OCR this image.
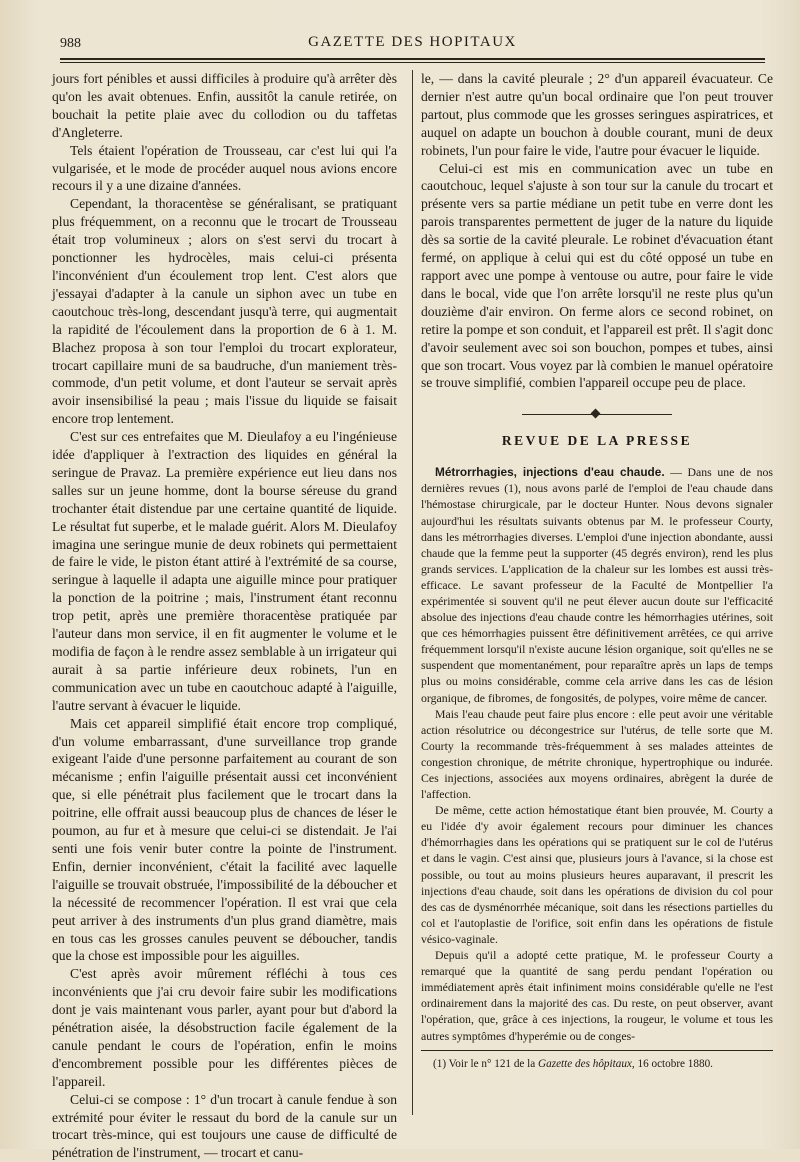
988	GAZETTE DES HOPITAUX

jours fort pénibles et aussi difficiles à produire qu'à arrêter dès qu'on les avait obtenues. Enfin, aussitôt la canule retirée, on bouchait la petite plaie avec du collodion ou du taffetas d'Angleterre.

Tels étaient l'opération de Trousseau, car c'est lui qui l'a vulgarisée, et le mode de procéder auquel nous avions encore recours il y a une dizaine d'années.

Cependant, la thoracentèse se généralisant, se pratiquant plus fréquemment, on a reconnu que le trocart de Trousseau était trop volumineux ; alors on s'est servi du trocart à ponctionner les hydrocèles, mais celui-ci présenta l'inconvénient d'un écoulement trop lent. C'est alors que j'essayai d'adapter à la canule un siphon avec un tube en caoutchouc très-long, descendant jusqu'à terre, qui augmentait la rapidité de l'écoulement dans la proportion de 6 à 1. M. Blachez proposa à son tour l'emploi du trocart explorateur, trocart capillaire muni de sa baudruche, d'un maniement très-commode, d'un petit volume, et dont l'auteur se servait après avoir insensibilisé la peau ; mais l'issue du liquide se faisait encore trop lentement.

C'est sur ces entrefaites que M. Dieulafoy a eu l'ingénieuse idée d'appliquer à l'extraction des liquides en général la seringue de Pravaz. La première expérience eut lieu dans nos salles sur un jeune homme, dont la bourse séreuse du grand trochanter était distendue par une certaine quantité de liquide. Le résultat fut superbe, et le malade guérit. Alors M. Dieulafoy imagina une seringue munie de deux robinets qui permettaient de faire le vide, le piston étant attiré à l'extrémité de sa course, seringue à laquelle il adapta une aiguille mince pour pratiquer la ponction de la poitrine ; mais, l'instrument étant reconnu trop petit, après une première thoracentèse pratiquée par l'auteur dans mon service, il en fit augmenter le volume et le modifia de façon à le rendre assez semblable à un irrigateur qui aurait à sa partie inférieure deux robinets, l'un en communication avec un tube en caoutchouc adapté à l'aiguille, l'autre servant à évacuer le liquide.

Mais cet appareil simplifié était encore trop compliqué, d'un volume embarrassant, d'une surveillance trop grande exigeant l'aide d'une personne parfaitement au courant de son mécanisme ; enfin l'aiguille présentait aussi cet inconvénient que, si elle pénétrait plus facilement que le trocart dans la poitrine, elle offrait aussi beaucoup plus de chances de léser le poumon, au fur et à mesure que celui-ci se distendait. Je l'ai senti une fois venir buter contre la pointe de l'instrument. Enfin, dernier inconvénient, c'était la facilité avec laquelle l'aiguille se trouvait obstruée, l'impossibilité de la déboucher et la nécessité de recommencer l'opération. Il est vrai que cela peut arriver à des instruments d'un plus grand diamètre, mais en tous cas les grosses canules peuvent se déboucher, tandis que la chose est impossible pour les aiguilles.

C'est après avoir mûrement réfléchi à tous ces inconvénients que j'ai cru devoir faire subir les modifications dont je vais maintenant vous parler, ayant pour but d'abord la pénétration aisée, la désobstruction facile également de la canule pendant le cours de l'opération, enfin le moins d'encombrement possible pour les différentes pièces de l'appareil.

Celui-ci se compose : 1° d'un trocart à canule fendue à son extrémité pour éviter le ressaut du bord de la canule sur un trocart très-mince, qui est toujours une cause de difficulté de pénétration de l'instrument, — trocart et canu-

le, — dans la cavité pleurale ; 2° d'un appareil évacuateur. Ce dernier n'est autre qu'un bocal ordinaire que l'on peut trouver partout, plus commode que les grosses seringues aspiratrices, et auquel on adapte un bouchon à double courant, muni de deux robinets, l'un pour faire le vide, l'autre pour évacuer le liquide.

Celui-ci est mis en communication avec un tube en caoutchouc, lequel s'ajuste à son tour sur la canule du trocart et présente vers sa partie médiane un petit tube en verre dont les parois transparentes permettent de juger de la nature du liquide dès sa sortie de la cavité pleurale. Le robinet d'évacuation étant fermé, on applique à celui qui est du côté opposé un tube en rapport avec une pompe à ventouse ou autre, pour faire le vide dans le bocal, vide que l'on arrête lorsqu'il ne reste plus qu'un douzième d'air environ. On ferme alors ce second robinet, on retire la pompe et son conduit, et l'appareil est prêt. Il s'agit donc d'avoir seulement avec soi son bouchon, pompes et tubes, ainsi que son trocart. Vous voyez par là combien le manuel opératoire se trouve simplifié, combien l'appareil occupe peu de place.

REVUE DE LA PRESSE

Métrorrhagies, injections d'eau chaude. — Dans une de nos dernières revues (1), nous avons parlé de l'emploi de l'eau chaude dans l'hémostase chirurgicale, par le docteur Hunter. Nous devons signaler aujourd'hui les résultats suivants obtenus par M. le professeur Courty, dans les métrorrhagies diverses. L'emploi d'une injection abondante, aussi chaude que la femme peut la supporter (45 degrés environ), rend les plus grands services. L'application de la chaleur sur les lombes est aussi très-efficace. Le savant professeur de la Faculté de Montpellier l'a expérimentée si souvent qu'il ne peut élever aucun doute sur l'efficacité absolue des injections d'eau chaude contre les hémorrhagies utérines, soit que ces hémorrhagies puissent être définitivement arrêtées, ce qui arrive fréquemment lorsqu'il n'existe aucune lésion organique, soit qu'elles ne se suspendent que momentanément, pour reparaître après un laps de temps plus ou moins considérable, comme cela arrive dans les cas de lésion organique, de fibromes, de fongosités, de polypes, voire même de cancer.

Mais l'eau chaude peut faire plus encore : elle peut avoir une véritable action résolutrice ou décongestrice sur l'utérus, de telle sorte que M. Courty la recommande très-fréquemment à ses malades atteintes de congestion chronique, de métrite chronique, hypertrophique ou indurée. Ces injections, associées aux moyens ordinaires, abrègent la durée de l'affection.

De même, cette action hémostatique étant bien prouvée, M. Courty a eu l'idée d'y avoir également recours pour diminuer les chances d'hémorrhagies dans les opérations qui se pratiquent sur le col de l'utérus et dans le vagin. C'est ainsi que, plusieurs jours à l'avance, si la chose est possible, ou tout au moins plusieurs heures auparavant, il prescrit les injections d'eau chaude, soit dans les opérations de division du col pour des cas de dysménorrhée mécanique, soit dans les résections partielles du col et l'autoplastie de l'orifice, soit enfin dans les opérations de fistule vésico-vaginale.

Depuis qu'il a adopté cette pratique, M. le professeur Courty a remarqué que la quantité de sang perdu pendant l'opération ou immédiatement après était infiniment moins considérable qu'elle ne l'est ordinairement dans la majorité des cas. Du reste, on peut observer, avant l'opération, que, grâce à ces injections, la rougeur, le volume et tous les autres symptômes d'hyperémie ou de conges-

(1) Voir le n° 121 de la Gazette des hôpitaux, 16 octobre 1880.
